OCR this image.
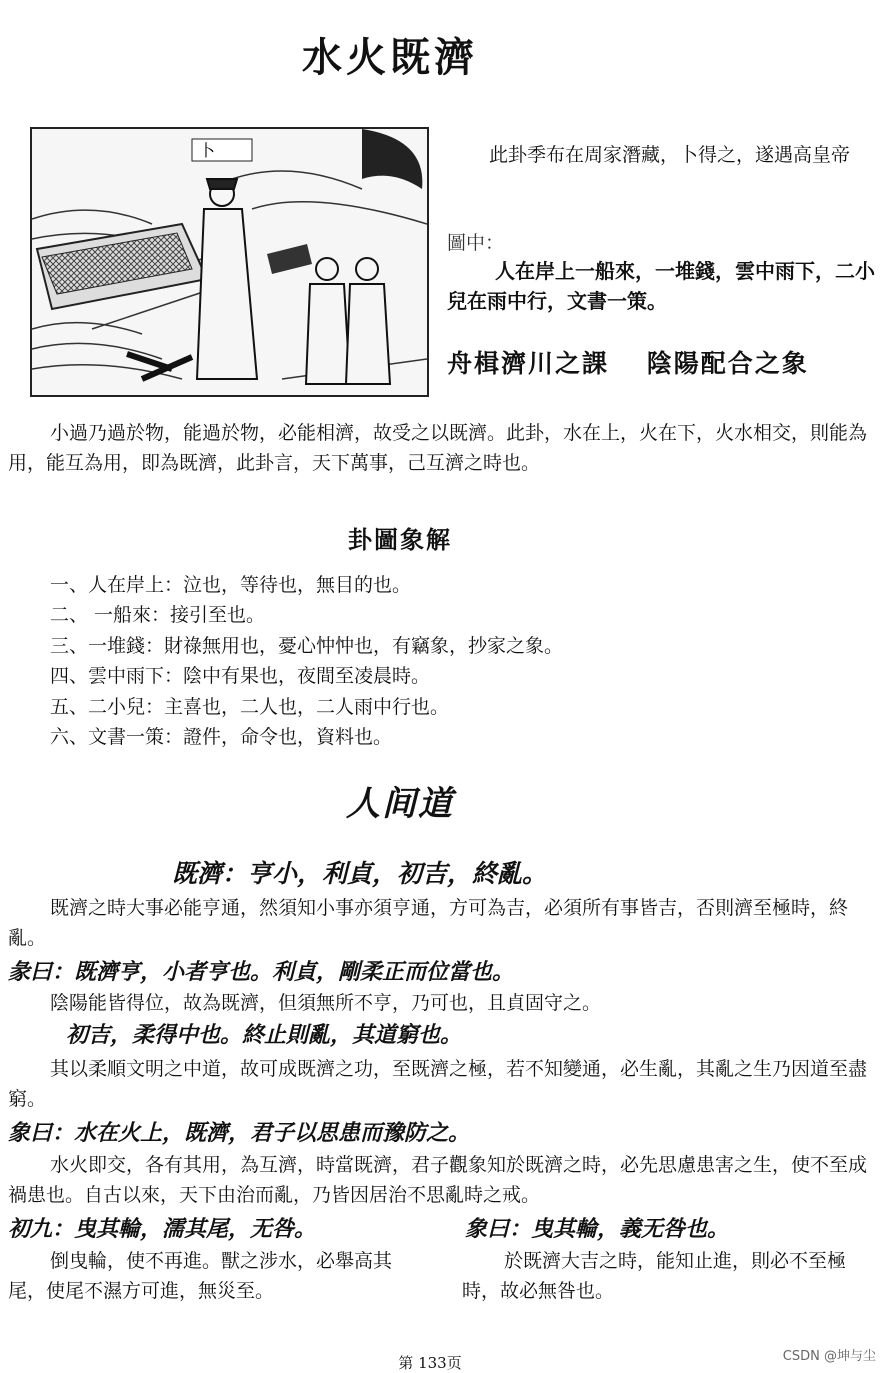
水火既濟
卜	此卦季布在周家潛藏，卜得之，遂遇高皇帝
圖中：
人在岸上一船來，一堆錢，雲中雨下，二小兒在雨中行，文書一策。
舟楫濟川之課　 陰陽配合之象
小過乃過於物，能過於物，必能相濟，故受之以既濟。此卦，水在上，火在下，火水相交，則能為用，能互為用，即為既濟，此卦言，天下萬事，己互濟之時也。
卦圖象解
一、人在岸上：泣也，等待也，無目的也。
二、 一船來：接引至也。
三、一堆錢：財祿無用也，憂心忡忡也，有竊象，抄家之象。
四、雲中雨下：陰中有果也，夜間至凌晨時。
五、二小兒：主喜也，二人也，二人雨中行也。
六、文書一策：證件，命令也，資料也。
人间道
既濟：亨小，利貞，初吉，終亂。
既濟之時大事必能亨通，然須知小事亦須亨通，方可為吉，必須所有事皆吉，否則濟至極時，終亂。
彖曰：既濟亨，小者亨也。利貞，剛柔正而位當也。
陰陽能皆得位，故為既濟，但須無所不亨，乃可也，且貞固守之。
初吉，柔得中也。終止則亂，其道窮也。
其以柔順文明之中道，故可成既濟之功，至既濟之極，若不知變通，必生亂，其亂之生乃因道至盡窮。
象曰：水在火上，既濟，君子以思患而豫防之。
水火即交，各有其用，為互濟，時當既濟，君子觀象知於既濟之時，必先思慮患害之生，使不至成禍患也。自古以來，天下由治而亂，乃皆因居治不思亂時之戒。
初九：曳其輪，濡其尾，无咎。	象曰：曳其輪，義无咎也。
倒曳輪，使不再進。獸之涉水，必舉高其尾，使尾不濕方可進，無災至。
於既濟大吉之時，能知止進，則必不至極時，故必無咎也。
第 133页	CSDN @坤与尘
